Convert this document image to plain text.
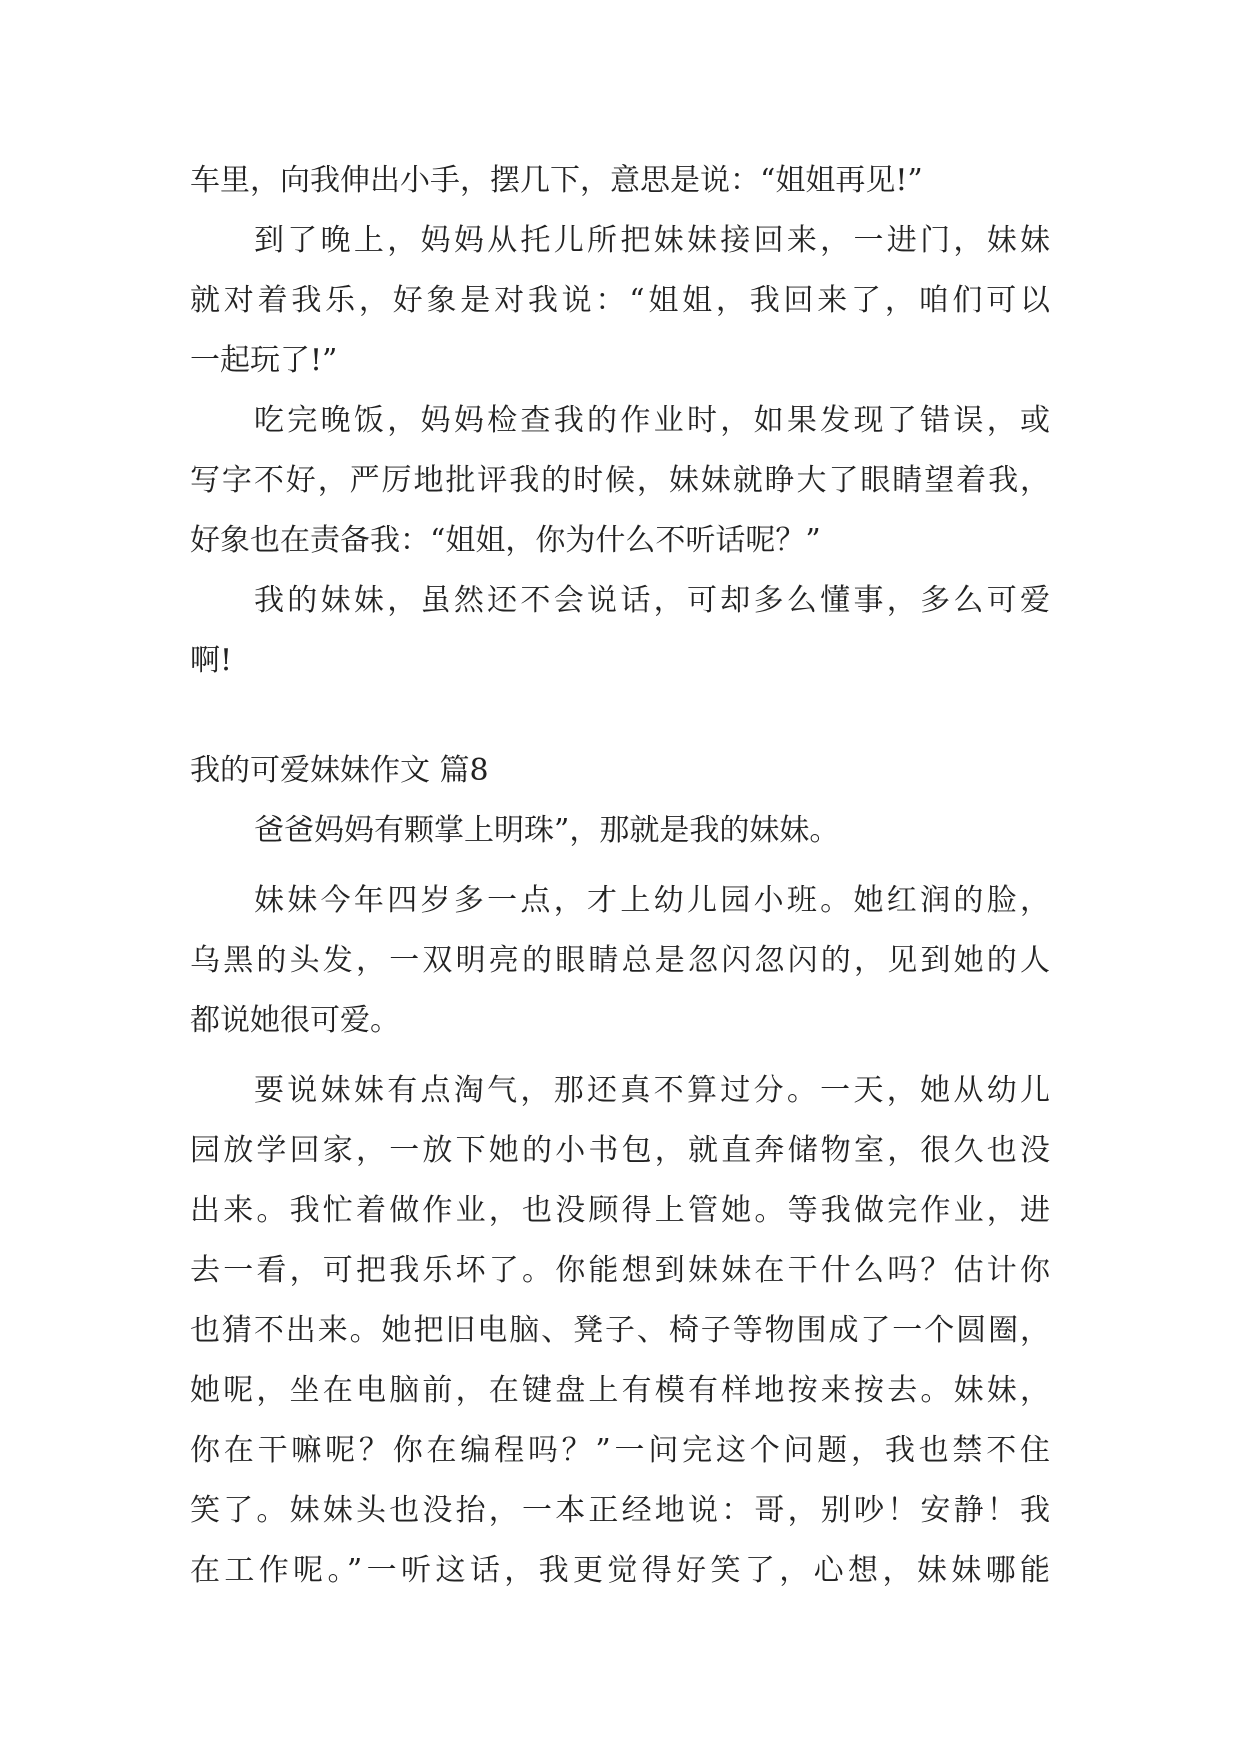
车里，向我伸出小手，摆几下，意思是说：“姐姐再见!”
到了晚上，妈妈从托儿所把妹妹接回来，一进门，妹妹
就对着我乐，好象是对我说：“姐姐，我回来了，咱们可以
一起玩了!”
吃完晚饭，妈妈检查我的作业时，如果发现了错误，或
写字不好，严厉地批评我的时候，妹妹就睁大了眼睛望着我，
好象也在责备我：“姐姐，你为什么不听话呢？”
我的妹妹，虽然还不会说话，可却多么懂事，多么可爱
啊!
我的可爱妹妹作文 篇8
爸爸妈妈有颗掌上明珠”，那就是我的妹妹。
妹妹今年四岁多一点，才上幼儿园小班。她红润的脸，
乌黑的头发，一双明亮的眼睛总是忽闪忽闪的，见到她的人
都说她很可爱。
要说妹妹有点淘气，那还真不算过分。一天，她从幼儿
园放学回家，一放下她的小书包，就直奔储物室，很久也没
出来。我忙着做作业，也没顾得上管她。等我做完作业，进
去一看，可把我乐坏了。你能想到妹妹在干什么吗？估计你
也猜不出来。她把旧电脑、凳子、椅子等物围成了一个圆圈，
她呢，坐在电脑前，在键盘上有模有样地按来按去。妹妹，
你在干嘛呢？你在编程吗？”一问完这个问题，我也禁不住
笑了。妹妹头也没抬，一本正经地说：哥，别吵！安静！我
在工作呢。”一听这话，我更觉得好笑了，心想，妹妹哪能
